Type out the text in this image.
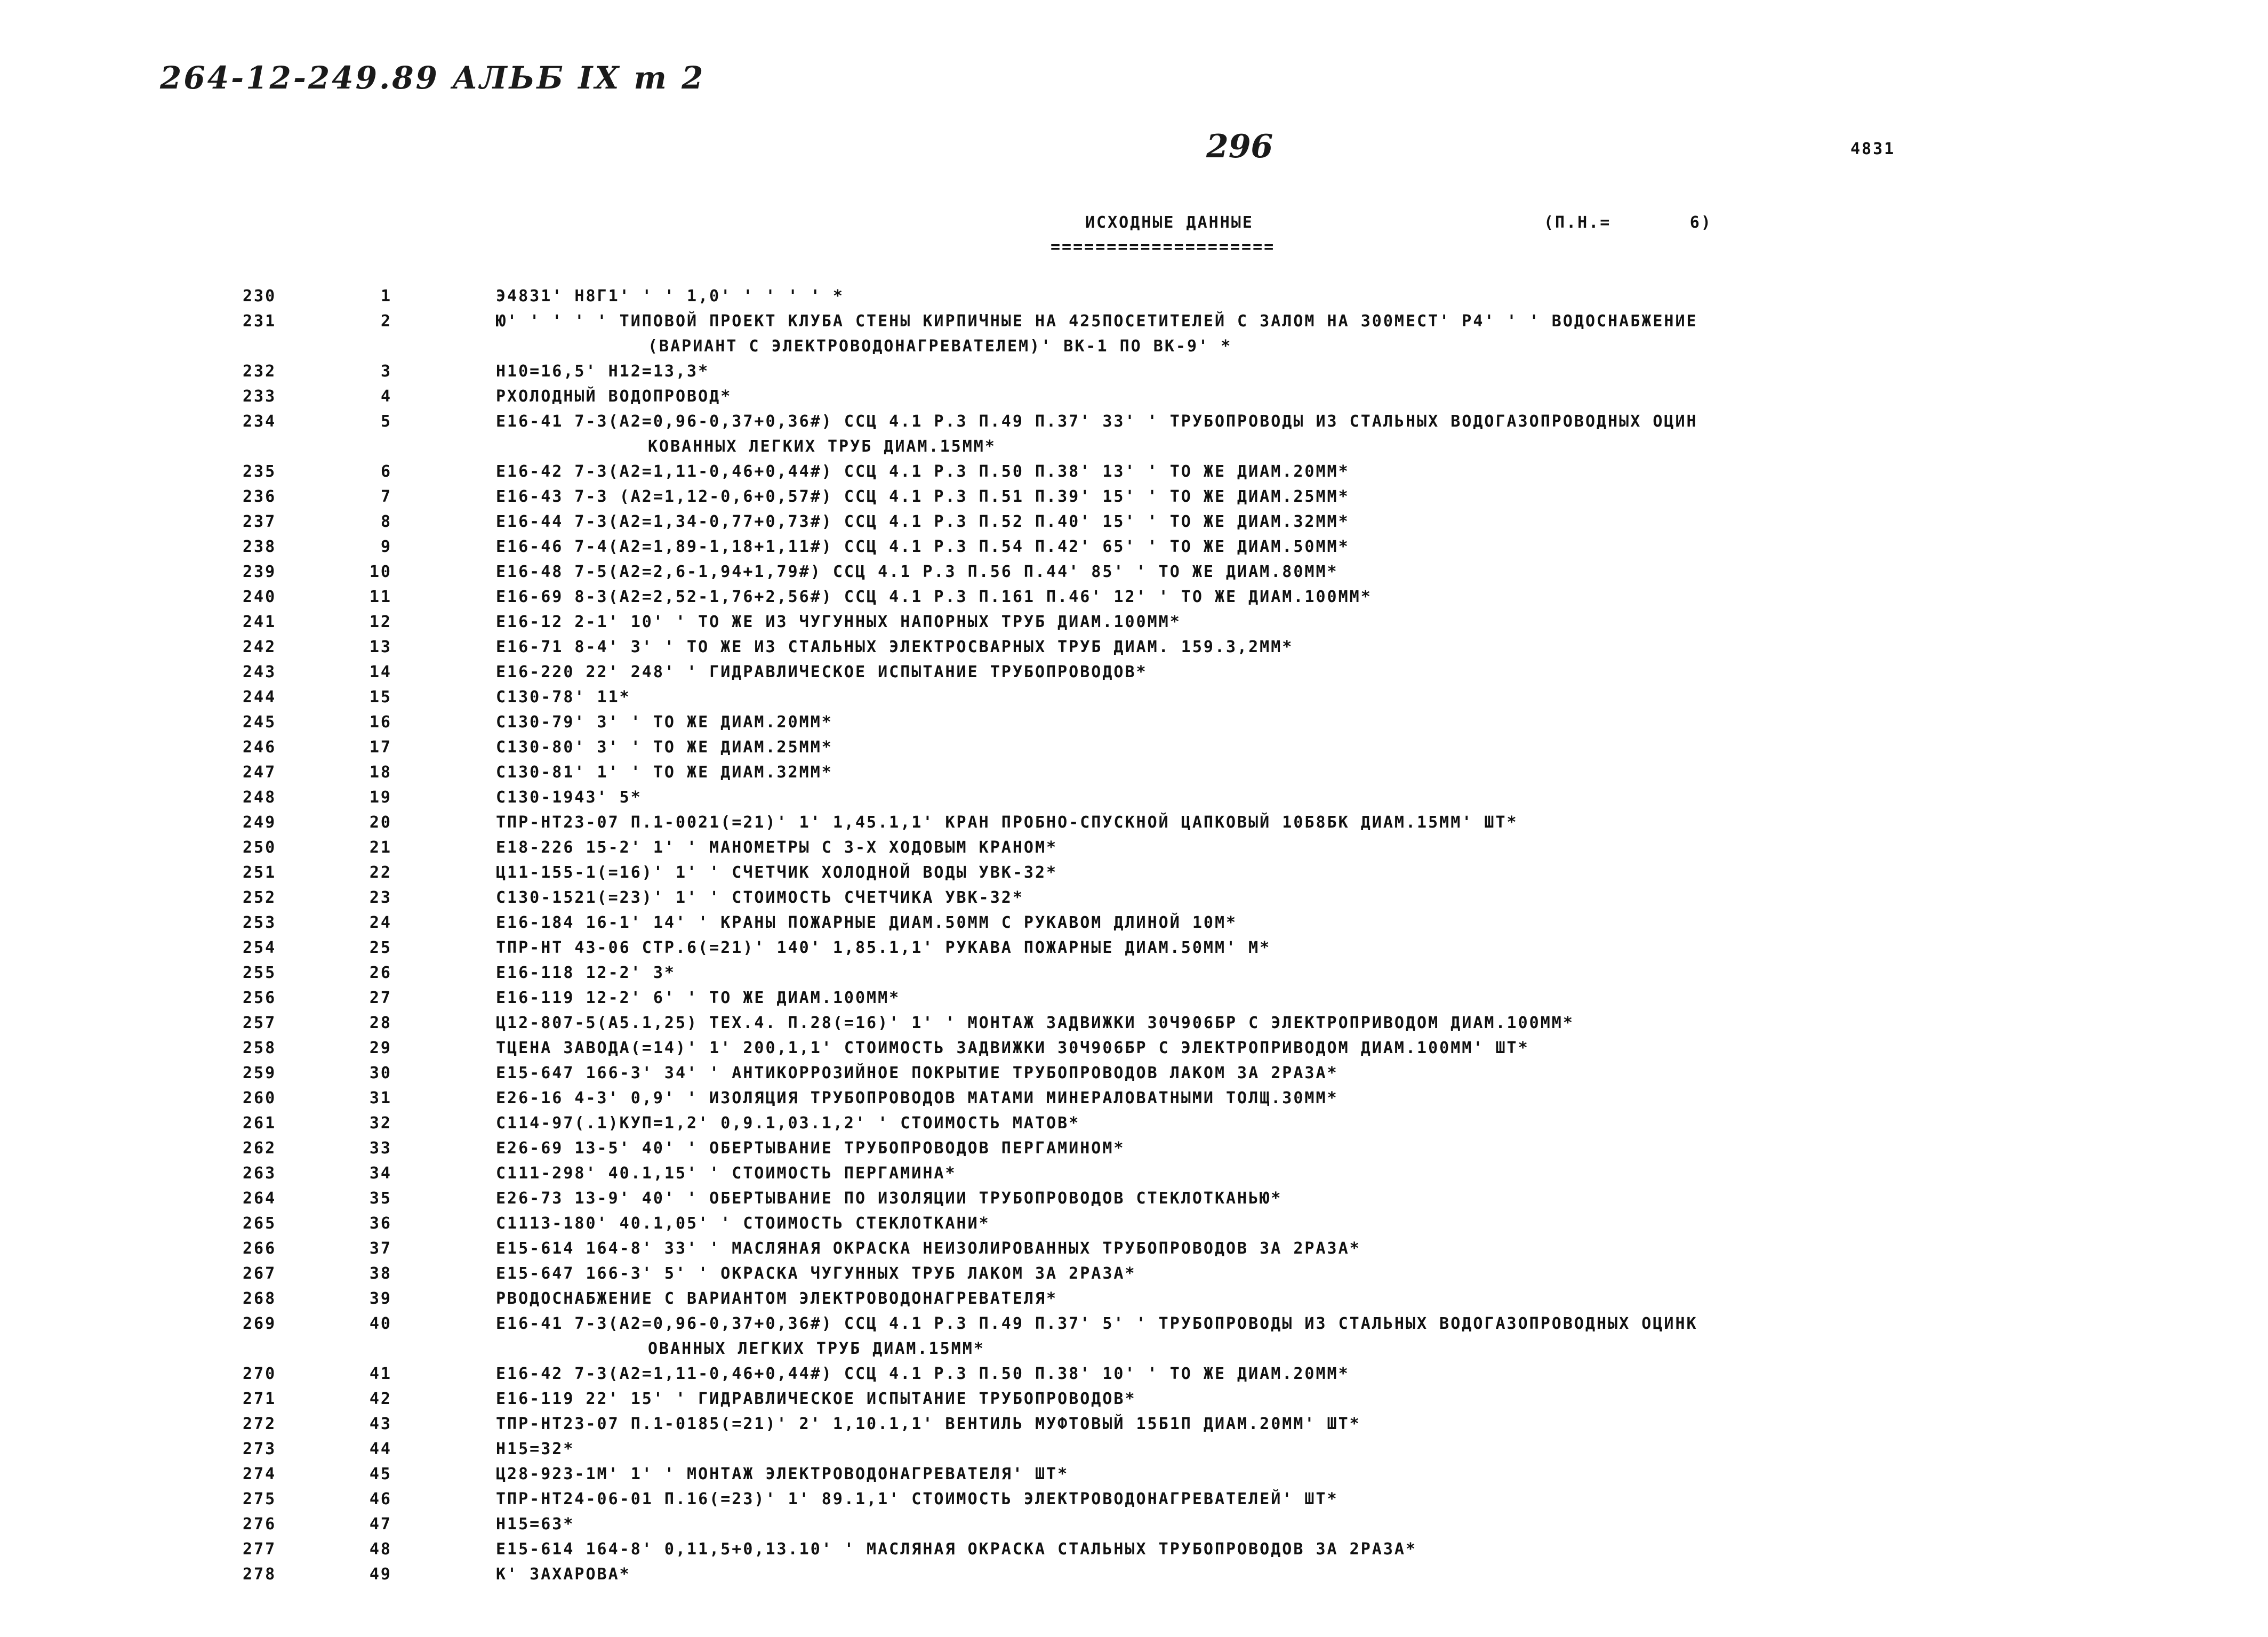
264-12-249.89 АЛЬБ IX т 2
296	4831
ИСХОДНЫЕ ДАННЫЕ	(П.Н.=       6)
====================
230	1	Э4831' Н8Г1' ' ' 1,0' ' ' ' ' *
231	2	Ю' ' ' ' ' ТИПОВОЙ ПРОЕКТ КЛУБА СТЕНЫ КИРПИЧНЫЕ НА 425ПОСЕТИТЕЛЕЙ С ЗАЛОМ НА 300МЕСТ' Р4' ' ' ВОДОСНАБЖЕНИЕ
(ВАРИАНТ С ЭЛЕКТРОВОДОНАГРЕВАТЕЛЕМ)' ВК-1 ПО ВК-9' *
232	3	Н10=16,5' Н12=13,3*
233	4	РХОЛОДНЫЙ ВОДОПРОВОД*
234	5	Е16-41 7-3(А2=0,96-0,37+0,36#) ССЦ 4.1 Р.3 П.49 П.37' 33' ' ТРУБОПРОВОДЫ ИЗ СТАЛЬНЫХ ВОДОГАЗОПРОВОДНЫХ ОЦИН
КОВАННЫХ ЛЕГКИХ ТРУБ ДИАМ.15ММ*
235	6	Е16-42 7-3(А2=1,11-0,46+0,44#) ССЦ 4.1 Р.3 П.50 П.38' 13' ' ТО ЖЕ ДИАМ.20ММ*
236	7	Е16-43 7-3 (А2=1,12-0,6+0,57#) ССЦ 4.1 Р.3 П.51 П.39' 15' ' ТО ЖЕ ДИАМ.25ММ*
237	8	Е16-44 7-3(А2=1,34-0,77+0,73#) ССЦ 4.1 Р.3 П.52 П.40' 15' ' ТО ЖЕ ДИАМ.32ММ*
238	9	Е16-46 7-4(А2=1,89-1,18+1,11#) ССЦ 4.1 Р.3 П.54 П.42' 65' ' ТО ЖЕ ДИАМ.50ММ*
239	10	Е16-48 7-5(А2=2,6-1,94+1,79#) ССЦ 4.1 Р.3 П.56 П.44' 85' ' ТО ЖЕ ДИАМ.80ММ*
240	11	Е16-69 8-3(А2=2,52-1,76+2,56#) ССЦ 4.1 Р.3 П.161 П.46' 12' ' ТО ЖЕ ДИАМ.100ММ*
241	12	Е16-12 2-1' 10' ' ТО ЖЕ ИЗ ЧУГУННЫХ НАПОРНЫХ ТРУБ ДИАМ.100ММ*
242	13	Е16-71 8-4' 3' ' ТО ЖЕ ИЗ СТАЛЬНЫХ ЭЛЕКТРОСВАРНЫХ ТРУБ ДИАМ. 159.3,2ММ*
243	14	Е16-220 22' 248' ' ГИДРАВЛИЧЕСКОЕ ИСПЫТАНИЕ ТРУБОПРОВОДОВ*
244	15	С130-78' 11*
245	16	С130-79' 3' ' ТО ЖЕ ДИАМ.20ММ*
246	17	С130-80' 3' ' ТО ЖЕ ДИАМ.25ММ*
247	18	С130-81' 1' ' ТО ЖЕ ДИАМ.32ММ*
248	19	С130-1943' 5*
249	20	ТПР-НТ23-07 П.1-0021(=21)' 1' 1,45.1,1' КРАН ПРОБНО-СПУСКНОЙ ЦАПКОВЫЙ 10Б8БК ДИАМ.15ММ' ШТ*
250	21	Е18-226 15-2' 1' ' МАНОМЕТРЫ С 3-Х ХОДОВЫМ КРАНОМ*
251	22	Ц11-155-1(=16)' 1' ' СЧЕТЧИК ХОЛОДНОЙ ВОДЫ УВК-32*
252	23	С130-1521(=23)' 1' ' СТОИМОСТЬ СЧЕТЧИКА УВК-32*
253	24	Е16-184 16-1' 14' ' КРАНЫ ПОЖАРНЫЕ ДИАМ.50ММ С РУКАВОМ ДЛИНОЙ 10М*
254	25	ТПР-НТ 43-06 СТР.6(=21)' 140' 1,85.1,1' РУКАВА ПОЖАРНЫЕ ДИАМ.50ММ' М*
255	26	Е16-118 12-2' 3*
256	27	Е16-119 12-2' 6' ' ТО ЖЕ ДИАМ.100ММ*
257	28	Ц12-807-5(А5.1,25) ТЕХ.4. П.28(=16)' 1' ' МОНТАЖ ЗАДВИЖКИ 30Ч906БР С ЭЛЕКТРОПРИВОДОМ ДИАМ.100ММ*
258	29	ТЦЕНА ЗАВОДА(=14)' 1' 200,1,1' СТОИМОСТЬ ЗАДВИЖКИ 30Ч906БР С ЭЛЕКТРОПРИВОДОМ ДИАМ.100ММ' ШТ*
259	30	Е15-647 166-3' 34' ' АНТИКОРРОЗИЙНОЕ ПОКРЫТИЕ ТРУБОПРОВОДОВ ЛАКОМ ЗА 2РАЗА*
260	31	Е26-16 4-3' 0,9' ' ИЗОЛЯЦИЯ ТРУБОПРОВОДОВ МАТАМИ МИНЕРАЛОВАТНЫМИ ТОЛЩ.30ММ*
261	32	С114-97(.1)КУП=1,2' 0,9.1,03.1,2' ' СТОИМОСТЬ МАТОВ*
262	33	Е26-69 13-5' 40' ' ОБЕРТЫВАНИЕ ТРУБОПРОВОДОВ ПЕРГАМИНОМ*
263	34	С111-298' 40.1,15' ' СТОИМОСТЬ ПЕРГАМИНА*
264	35	Е26-73 13-9' 40' ' ОБЕРТЫВАНИЕ ПО ИЗОЛЯЦИИ ТРУБОПРОВОДОВ СТЕКЛОТКАНЬЮ*
265	36	С1113-180' 40.1,05' ' СТОИМОСТЬ СТЕКЛОТКАНИ*
266	37	Е15-614 164-8' 33' ' МАСЛЯНАЯ ОКРАСКА НЕИЗОЛИРОВАННЫХ ТРУБОПРОВОДОВ ЗА 2РАЗА*
267	38	Е15-647 166-3' 5' ' ОКРАСКА ЧУГУННЫХ ТРУБ ЛАКОМ ЗА 2РАЗА*
268	39	РВОДОСНАБЖЕНИЕ С ВАРИАНТОМ ЭЛЕКТРОВОДОНАГРЕВАТЕЛЯ*
269	40	Е16-41 7-3(А2=0,96-0,37+0,36#) ССЦ 4.1 Р.3 П.49 П.37' 5' ' ТРУБОПРОВОДЫ ИЗ СТАЛЬНЫХ ВОДОГАЗОПРОВОДНЫХ ОЦИНК
ОВАННЫХ ЛЕГКИХ ТРУБ ДИАМ.15ММ*
270	41	Е16-42 7-3(А2=1,11-0,46+0,44#) ССЦ 4.1 Р.3 П.50 П.38' 10' ' ТО ЖЕ ДИАМ.20ММ*
271	42	Е16-119 22' 15' ' ГИДРАВЛИЧЕСКОЕ ИСПЫТАНИЕ ТРУБОПРОВОДОВ*
272	43	ТПР-НТ23-07 П.1-0185(=21)' 2' 1,10.1,1' ВЕНТИЛЬ МУФТОВЫЙ 15Б1П ДИАМ.20ММ' ШТ*
273	44	Н15=32*
274	45	Ц28-923-1М' 1' ' МОНТАЖ ЭЛЕКТРОВОДОНАГРЕВАТЕЛЯ' ШТ*
275	46	ТПР-НТ24-06-01 П.16(=23)' 1' 89.1,1' СТОИМОСТЬ ЭЛЕКТРОВОДОНАГРЕВАТЕЛЕЙ' ШТ*
276	47	Н15=63*
277	48	Е15-614 164-8' 0,11,5+0,13.10' ' МАСЛЯНАЯ ОКРАСКА СТАЛЬНЫХ ТРУБОПРОВОДОВ ЗА 2РАЗА*
278	49	К' ЗАХАРОВА*
